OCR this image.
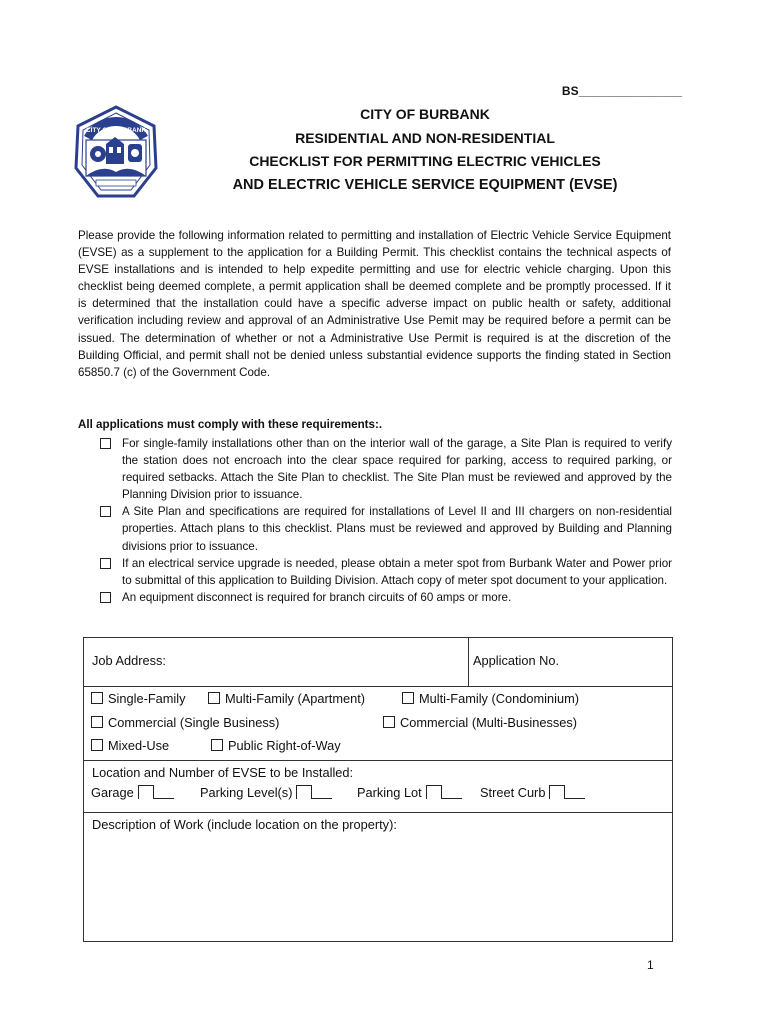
BS_______________
CITY OF BURBANK
CITY OF BURBANK
RESIDENTIAL AND NON-RESIDENTIAL
CHECKLIST FOR PERMITTING ELECTRIC VEHICLES
AND ELECTRIC VEHICLE SERVICE EQUIPMENT (EVSE)
Please provide the following information related to permitting and installation of Electric Vehicle Service Equipment (EVSE) as a supplement to the application for a Building Permit. This checklist contains the technical aspects of EVSE installations and is intended to help expedite permitting and use for electric vehicle charging. Upon this checklist being deemed complete, a permit application shall be deemed complete and be promptly processed. If it is determined that the installation could have a specific adverse impact on public health or safety, additional verification including review and approval of an Administrative Use Pemit may be required before a permit can be issued. The determination of whether or not a Administrative Use Permit is required is at the discretion of the Building Official, and permit shall not be denied unless substantial evidence supports the finding stated in Section 65850.7 (c) of the Government Code.
All applications must comply with these requirements:.
For single-family installations other than on the interior wall of the garage, a Site Plan is required to verify the station does not encroach into the clear space required for parking, access to required parking, or required setbacks. Attach the Site Plan to checklist. The Site Plan must be reviewed and approved by the Planning Division prior to issuance.
A Site Plan and specifications are required for installations of Level II and III chargers on non-residential properties. Attach plans to this checklist. Plans must be reviewed and approved by Building and Planning divisions prior to issuance.
If an electrical service upgrade is needed, please obtain a meter spot from Burbank Water and Power prior to submittal of this application to Building Division. Attach copy of meter spot document to your application.
An equipment disconnect is required for branch circuits of 60 amps or more.
Job Address:	Application No.
Single-Family	Multi-Family (Apartment)	Multi-Family (Condominium)
Commercial (Single Business)	Commercial (Multi-Businesses)
Mixed-Use	Public Right-of-Way
Location and Number of EVSE to be Installed:
Garage	Parking Level(s)	Parking Lot	Street Curb
Description of Work (include location on the property):
1
